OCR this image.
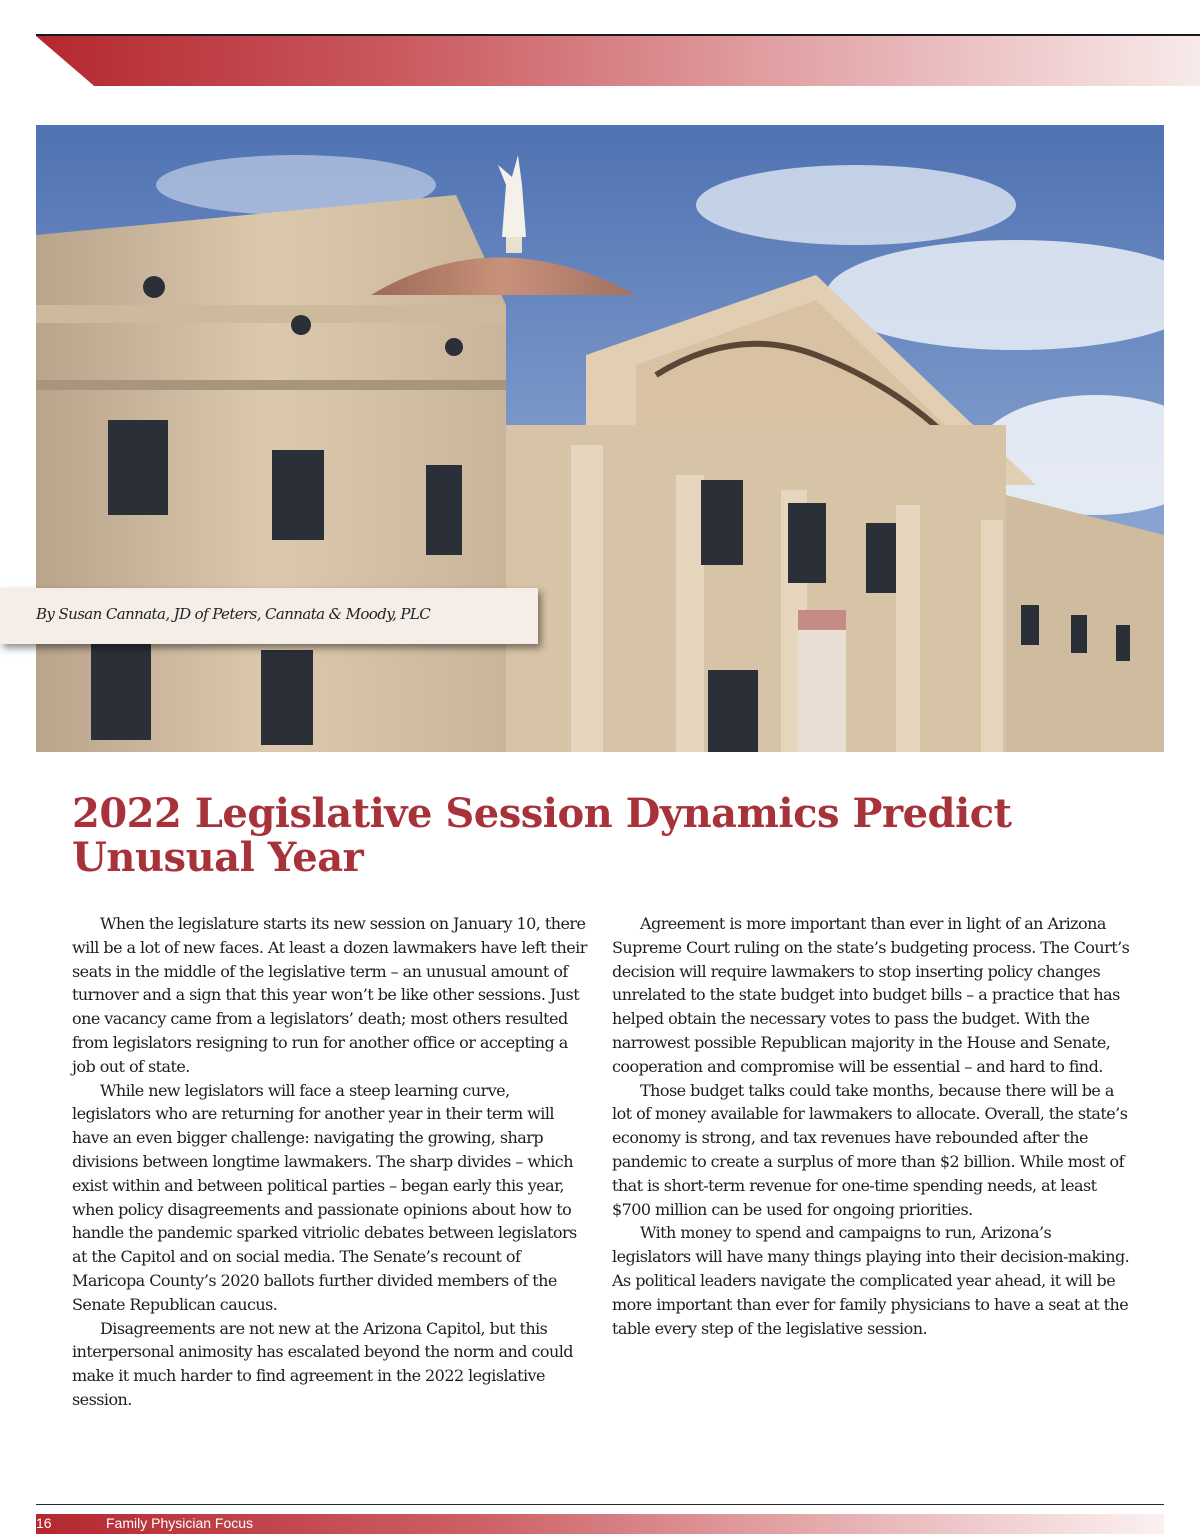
By Susan Cannata, JD of Peters, Cannata & Moody, PLC
2022 Legislative Session Dynamics Predict Unusual Year

When the legislature starts its new session on January 10, there will be a lot of new faces. At least a dozen lawmakers have left their seats in the middle of the legislative term – an unusual amount of turnover and a sign that this year won’t be like other sessions. Just one vacancy came from a legislators’ death; most others resulted from legislators resigning to run for another office or accepting a job out of state.

While new legislators will face a steep learning curve, legislators who are returning for another year in their term will have an even bigger challenge: navigating the growing, sharp divisions between longtime lawmakers. The sharp divides – which exist within and between political parties – began early this year, when policy disagreements and passionate opinions about how to handle the pandemic sparked vitriolic debates between legislators at the Capitol and on social media. The Senate’s recount of Maricopa County’s 2020 ballots further divided members of the Senate Republican caucus.

Disagreements are not new at the Arizona Capitol, but this interpersonal animosity has escalated beyond the norm and could make it much harder to find agreement in the 2022 legislative session.

Agreement is more important than ever in light of an Arizona Supreme Court ruling on the state’s budgeting process. The Court’s decision will require lawmakers to stop inserting policy changes unrelated to the state budget into budget bills – a practice that has helped obtain the necessary votes to pass the budget. With the narrowest possible Republican majority in the House and Senate, cooperation and compromise will be essential – and hard to find.

Those budget talks could take months, because there will be a lot of money available for lawmakers to allocate. Overall, the state’s economy is strong, and tax revenues have rebounded after the pandemic to create a surplus of more than $2 billion. While most of that is short-term revenue for one-time spending needs, at least $700 million can be used for ongoing priorities.

With money to spend and campaigns to run, Arizona’s legislators will have many things playing into their decision-making. As political leaders navigate the complicated year ahead, it will be more important than ever for family physicians to have a seat at the table every step of the legislative session.

16	Family Physician Focus
